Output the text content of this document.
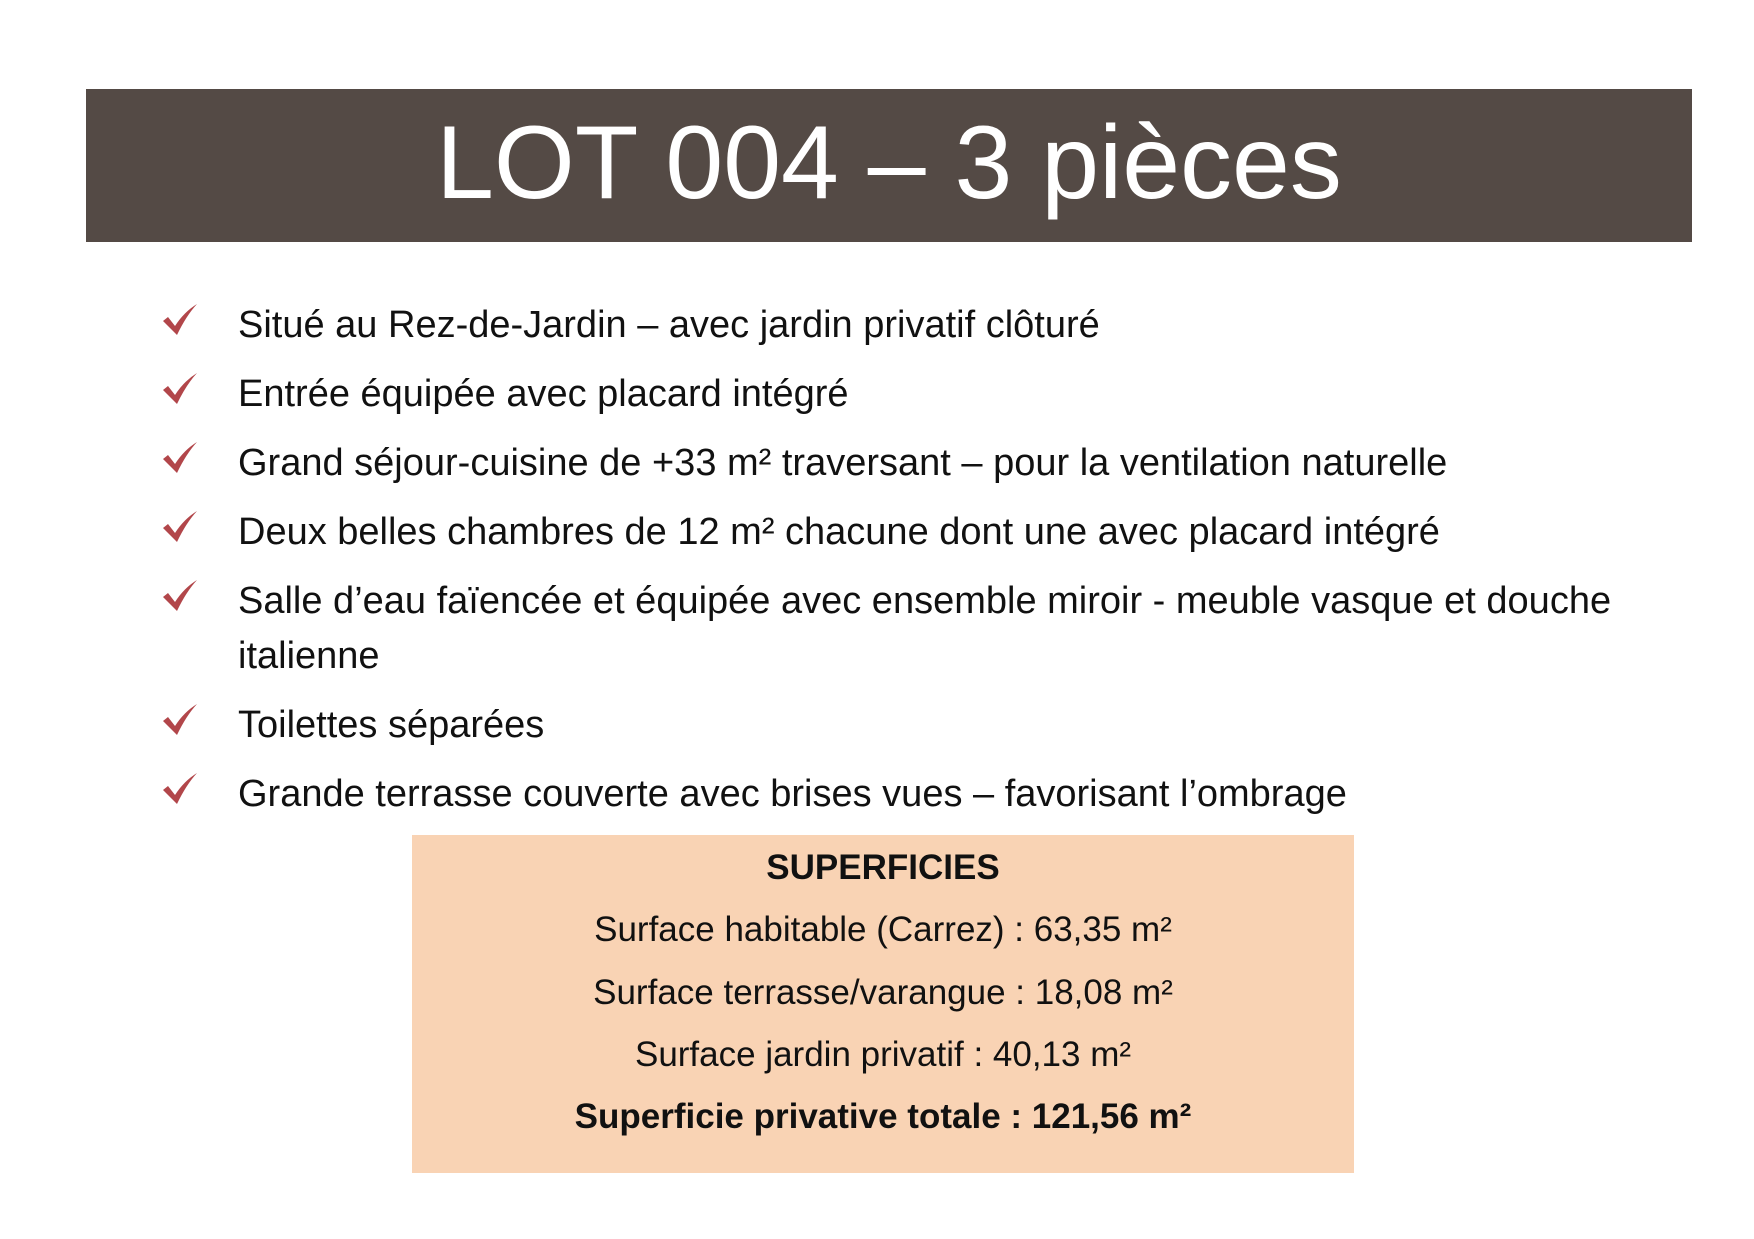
LOT 004 – 3 pièces
Situé au Rez-de-Jardin – avec jardin privatif clôturé
Entrée équipée avec placard intégré
Grand séjour-cuisine de +33 m² traversant – pour la ventilation naturelle
Deux belles chambres de 12 m² chacune dont une avec placard intégré
Salle d’eau faïencée et équipée avec ensemble miroir - meuble vasque et douche italienne
Toilettes séparées
Grande terrasse couverte avec brises vues – favorisant l’ombrage
SUPERFICIES
Surface habitable (Carrez) : 63,35 m²
Surface terrasse/varangue : 18,08 m²
Surface jardin privatif : 40,13 m²
Superficie privative totale : 121,56 m²
